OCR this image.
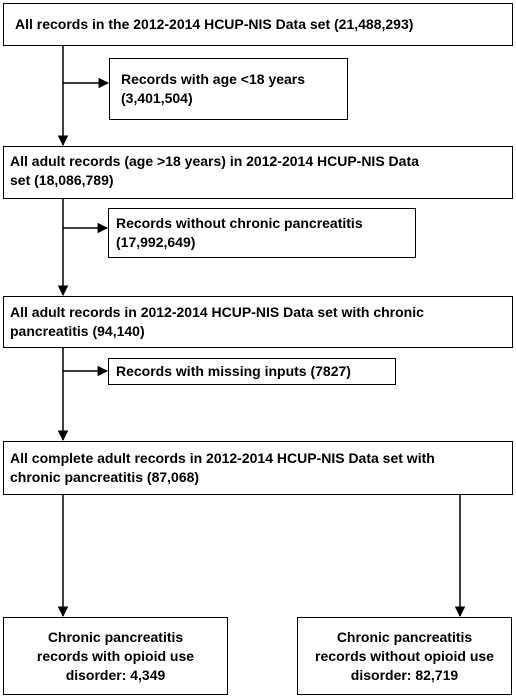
All records in the 2012-2014 HCUP-NIS Data set (21,488,293)
Records with age <18 years
(3,401,504)
All adult records (age >18 years) in 2012-2014 HCUP-NIS Data
set (18,086,789)
Records without chronic pancreatitis
(17,992,649)
All adult records in 2012-2014 HCUP-NIS Data set with chronic
pancreatitis (94,140)
Records with missing inputs (7827)
All complete adult records in 2012-2014 HCUP-NIS Data set with
chronic pancreatitis (87,068)
Chronic pancreatitis
records with opioid use
disorder: 4,349
Chronic pancreatitis
records without opioid use
disorder: 82,719
